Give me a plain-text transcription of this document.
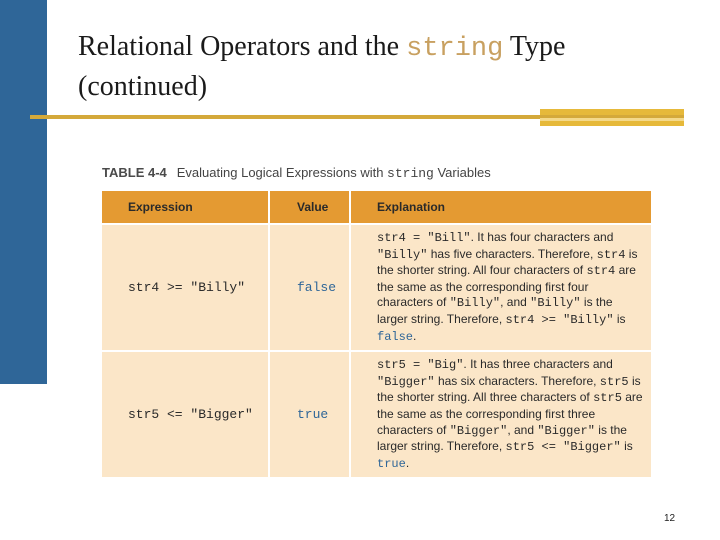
Relational Operators and the string Type
(continued)
TABLE 4-4 Evaluating Logical Expressions with string Variables
Expression	Value	Explanation
str4 >= "Billy"	false	str4 = "Bill". It has four characters and "Billy" has five characters. Therefore, str4 is the shorter string. All four characters of str4 are the same as the corresponding first four characters of "Billy", and "Billy" is the larger string. Therefore, str4 >= "Billy" is false.
str5 <= "Bigger"	true	str5 = "Big". It has three characters and "Bigger" has six characters. Therefore, str5 is the shorter string. All three characters of str5 are the same as the corresponding first three characters of "Bigger", and "Bigger" is the larger string. Therefore, str5 <= "Bigger" is true.
12
